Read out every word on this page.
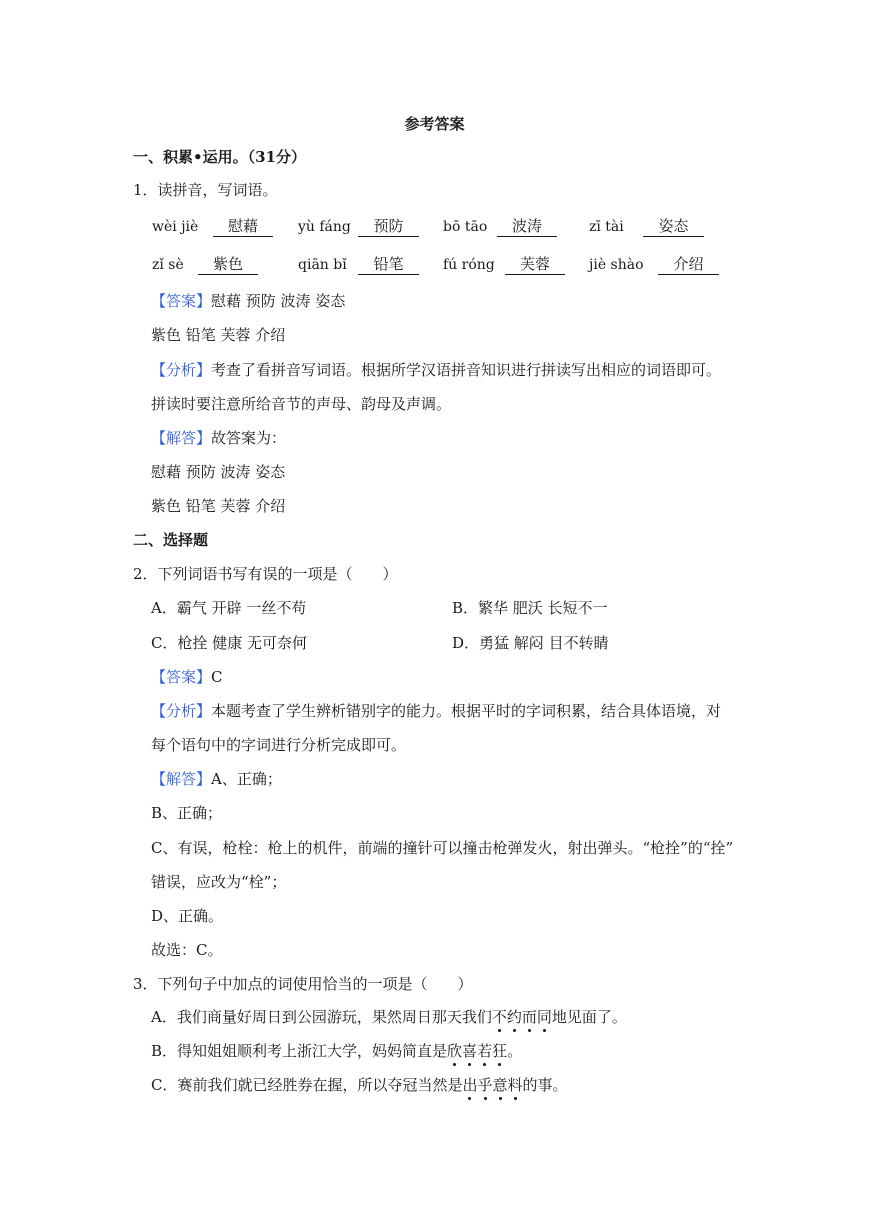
参考答案
一、积累•运用。（31分）
1．读拼音，写词语。
wèi jiè	慰藉	yù fáng	预防	bō tāo	波涛	zī tài	姿态
zǐ sè	紫色	qiān bǐ	铅笔	fú róng	芙蓉	jiè shào	介绍
【答案】慰藉 预防 波涛 姿态
紫色 铅笔 芙蓉 介绍
【分析】考查了看拼音写词语。根据所学汉语拼音知识进行拼读写出相应的词语即可。
拼读时要注意所给音节的声母、韵母及声调。
【解答】故答案为：
慰藉 预防 波涛 姿态
紫色 铅笔 芙蓉 介绍
二、选择题
2．下列词语书写有误的一项是（　　）
A．霸气 开辟 一丝不苟	B．繁华 肥沃 长短不一
C．枪拴 健康 无可奈何	D．勇猛 解闷 目不转睛
【答案】C
【分析】本题考查了学生辨析错别字的能力。根据平时的字词积累，结合具体语境，对
每个语句中的字词进行分析完成即可。
【解答】A、正确；
B、正确；
C、有误，枪栓：枪上的机件，前端的撞针可以撞击枪弹发火，射出弹头。“枪拴”的“拴”
错误，应改为“栓”；
D、正确。
故选：C。
3．下列句子中加点的词使用恰当的一项是（　　）
A．我们商量好周日到公园游玩，果然周日那天我们不约而同地见面了。
B．得知姐姐顺利考上浙江大学，妈妈简直是欣喜若狂。
C．赛前我们就已经胜券在握，所以夺冠当然是出乎意料的事。
